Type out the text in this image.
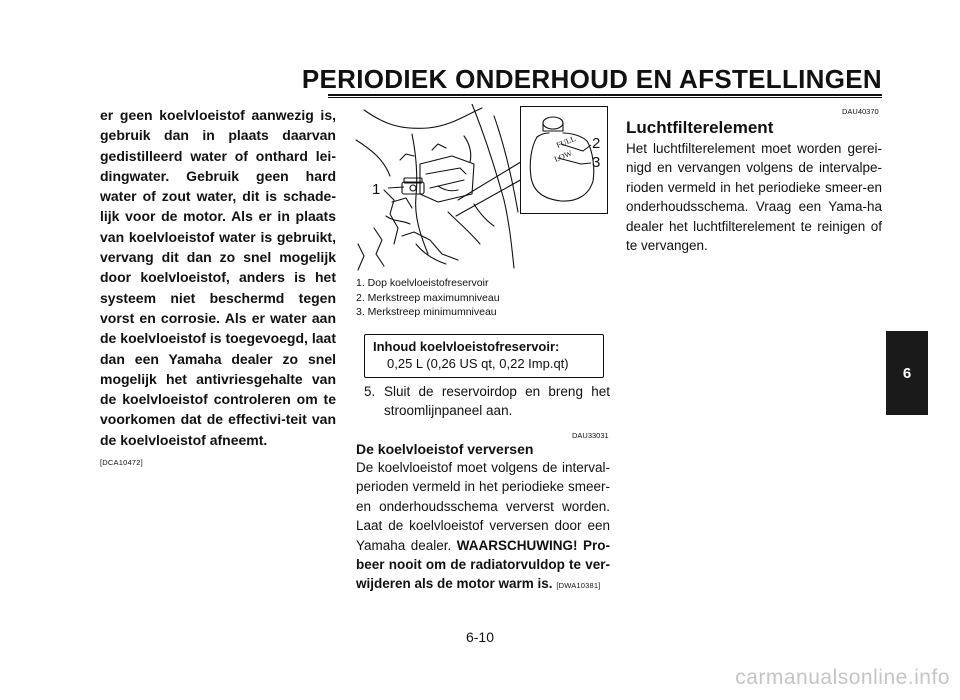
PERIODIEK ONDERHOUD EN AFSTELLINGEN
6

er geen koelvloeistof aanwezig is, gebruik dan in plaats daarvan gedistilleerd water of onthard lei-dingwater. Gebruik geen hard water of zout water, dit is schade-lijk voor de motor. Als er in plaats van koelvloeistof water is gebruikt, vervang dit dan zo snel mogelijk door koelvloeistof, anders is het systeem niet beschermd tegen vorst en corrosie. Als er water aan de koelvloeistof is toegevoegd, laat dan een Yamaha dealer zo snel mogelijk het antivriesgehalte van de koelvloeistof controleren om te voorkomen dat de effectivi-teit van de koelvloeistof afneemt.

[DCA10472]
1
FULL
LOW
2
3
1. Dop koelvloeistofreservoir
2. Merkstreep maximumniveau
3. Merkstreep minimumniveau
Inhoud koelvloeistofreservoir:
0,25 L (0,26 US qt, 0,22 Imp.qt)
5. Sluit de reservoirdop en breng het
stroomlijnpaneel aan.
DAU33031
De koelvloeistof verversen

De koelvloeistof moet volgens de interval-perioden vermeld in het periodieke smeer-en onderhoudsschema ververst worden. Laat de koelvloeistof verversen door een Yamaha dealer. WAARSCHUWING! Pro-beer nooit om de radiatorvuldop te ver-wijderen als de motor warm is. [DWA10381]

DAU40370
Luchtfilterelement

Het luchtfilterelement moet worden gerei-nigd en vervangen volgens de intervalpe-rioden vermeld in het periodieke smeer-en onderhoudsschema. Vraag een Yama-ha dealer het luchtfilterelement te reinigen of te vervangen.

6-10
carmanualsonline.info
